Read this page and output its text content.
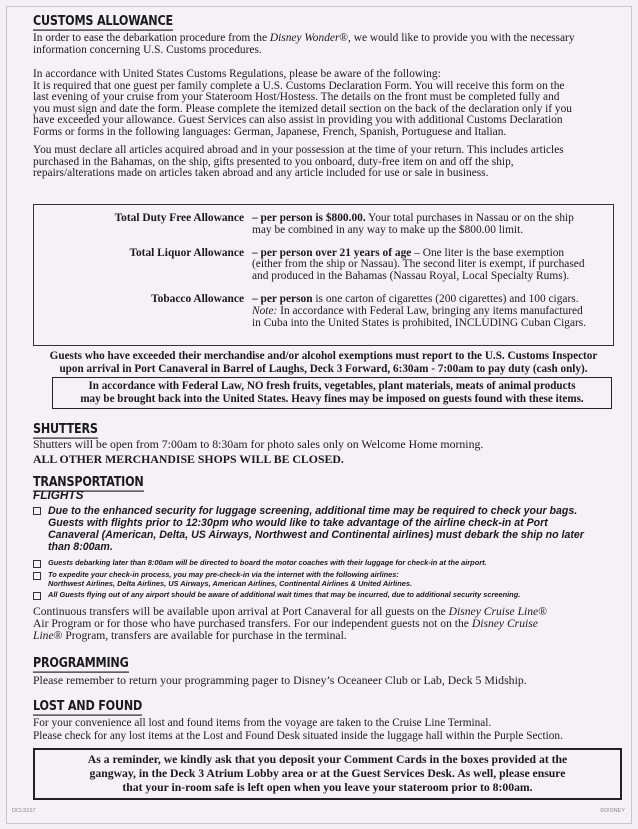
CUSTOMS ALLOWANCE
In order to ease the debarkation procedure from the Disney Wonder®, we would like to provide you with the necessary
information concerning U.S. Customs procedures.
In accordance with United States Customs Regulations, please be aware of the following:
It is required that one guest per family complete a U.S. Customs Declaration Form. You will receive this form on the
last evening of your cruise from your Stateroom Host/Hostess. The details on the front must be completed fully and
you must sign and date the form. Please complete the itemized detail section on the back of the declaration only if you
have exceeded your allowance. Guest Services can also assist in providing you with additional Customs Declaration
Forms or forms in the following languages: German, Japanese, French, Spanish, Portuguese and Italian.
You must declare all articles acquired abroad and in your possession at the time of your return. This includes articles
purchased in the Bahamas, on the ship, gifts presented to you onboard, duty-free item on and off the ship,
repairs/alterations made on articles taken abroad and any article included for use or sale in business.
Total Duty Free Allowance	– per person is $800.00. Your total purchases in Nassau or on the ship
may be combined in any way to make up the $800.00 limit.
Total Liquor Allowance	– per person over 21 years of age – One liter is the base exemption
(either from the ship or Nassau). The second liter is exempt, if purchased
and produced in the Bahamas (Nassau Royal, Local Specialty Rums).
Tobacco Allowance	– per person is one carton of cigarettes (200 cigarettes) and 100 cigars.
Note: In accordance with Federal Law, bringing any items manufactured
in Cuba into the United States is prohibited, INCLUDING Cuban Cigars.
Guests who have exceeded their merchandise and/or alcohol exemptions must report to the U.S. Customs Inspector
upon arrival in Port Canaveral in Barrel of Laughs, Deck 3 Forward, 6:30am - 7:00am to pay duty (cash only).
In accordance with Federal Law, NO fresh fruits, vegetables, plant materials, meats of animal products
may be brought back into the United States. Heavy fines may be imposed on guests found with these items.
SHUTTERS
Shutters will be open from 7:00am to 8:30am for photo sales only on Welcome Home morning.
ALL OTHER MERCHANDISE SHOPS WILL BE CLOSED.
TRANSPORTATION
FLIGHTS
Due to the enhanced security for luggage screening, additional time may be required to check your bags.
Guests with flights prior to 12:30pm who would like to take advantage of the airline check-in at Port
Canaveral (American, Delta, US Airways, Northwest and Continental airlines) must debark the ship no later
than 8:00am.
Guests debarking later than 8:00am will be directed to board the motor coaches with their luggage for check-in at the airport.
To expedite your check-in process, you may pre-check-in via the internet with the following airlines:
Northwest Airlines, Delta Airlines, US Airways, American Airlines, Continental Airlines & United Airlines.
All Guests flying out of any airport should be aware of additional wait times that may be incurred, due to additional security screening.
Continuous transfers will be available upon arrival at Port Canaveral for all guests on the Disney Cruise Line®
Air Program or for those who have purchased transfers. For our independent guests not on the Disney Cruise
Line® Program, transfers are available for purchase in the terminal.
PROGRAMMING
Please remember to return your programming pager to Disney’s Oceaneer Club or Lab, Deck 5 Midship.
LOST AND FOUND
For your convenience all lost and found items from the voyage are taken to the Cruise Line Terminal.
Please check for any lost items at the Lost and Found Desk situated inside the luggage hall within the Purple Section.
As a reminder, we kindly ask that you deposit your Comment Cards in the boxes provided at the
gangway, in the Deck 3 Atrium Lobby area or at the Guest Services Desk. As well, please ensure
that your in-room safe is left open when you leave your stateroom prior to 8:00am.
DCL5157	©DISNEY
